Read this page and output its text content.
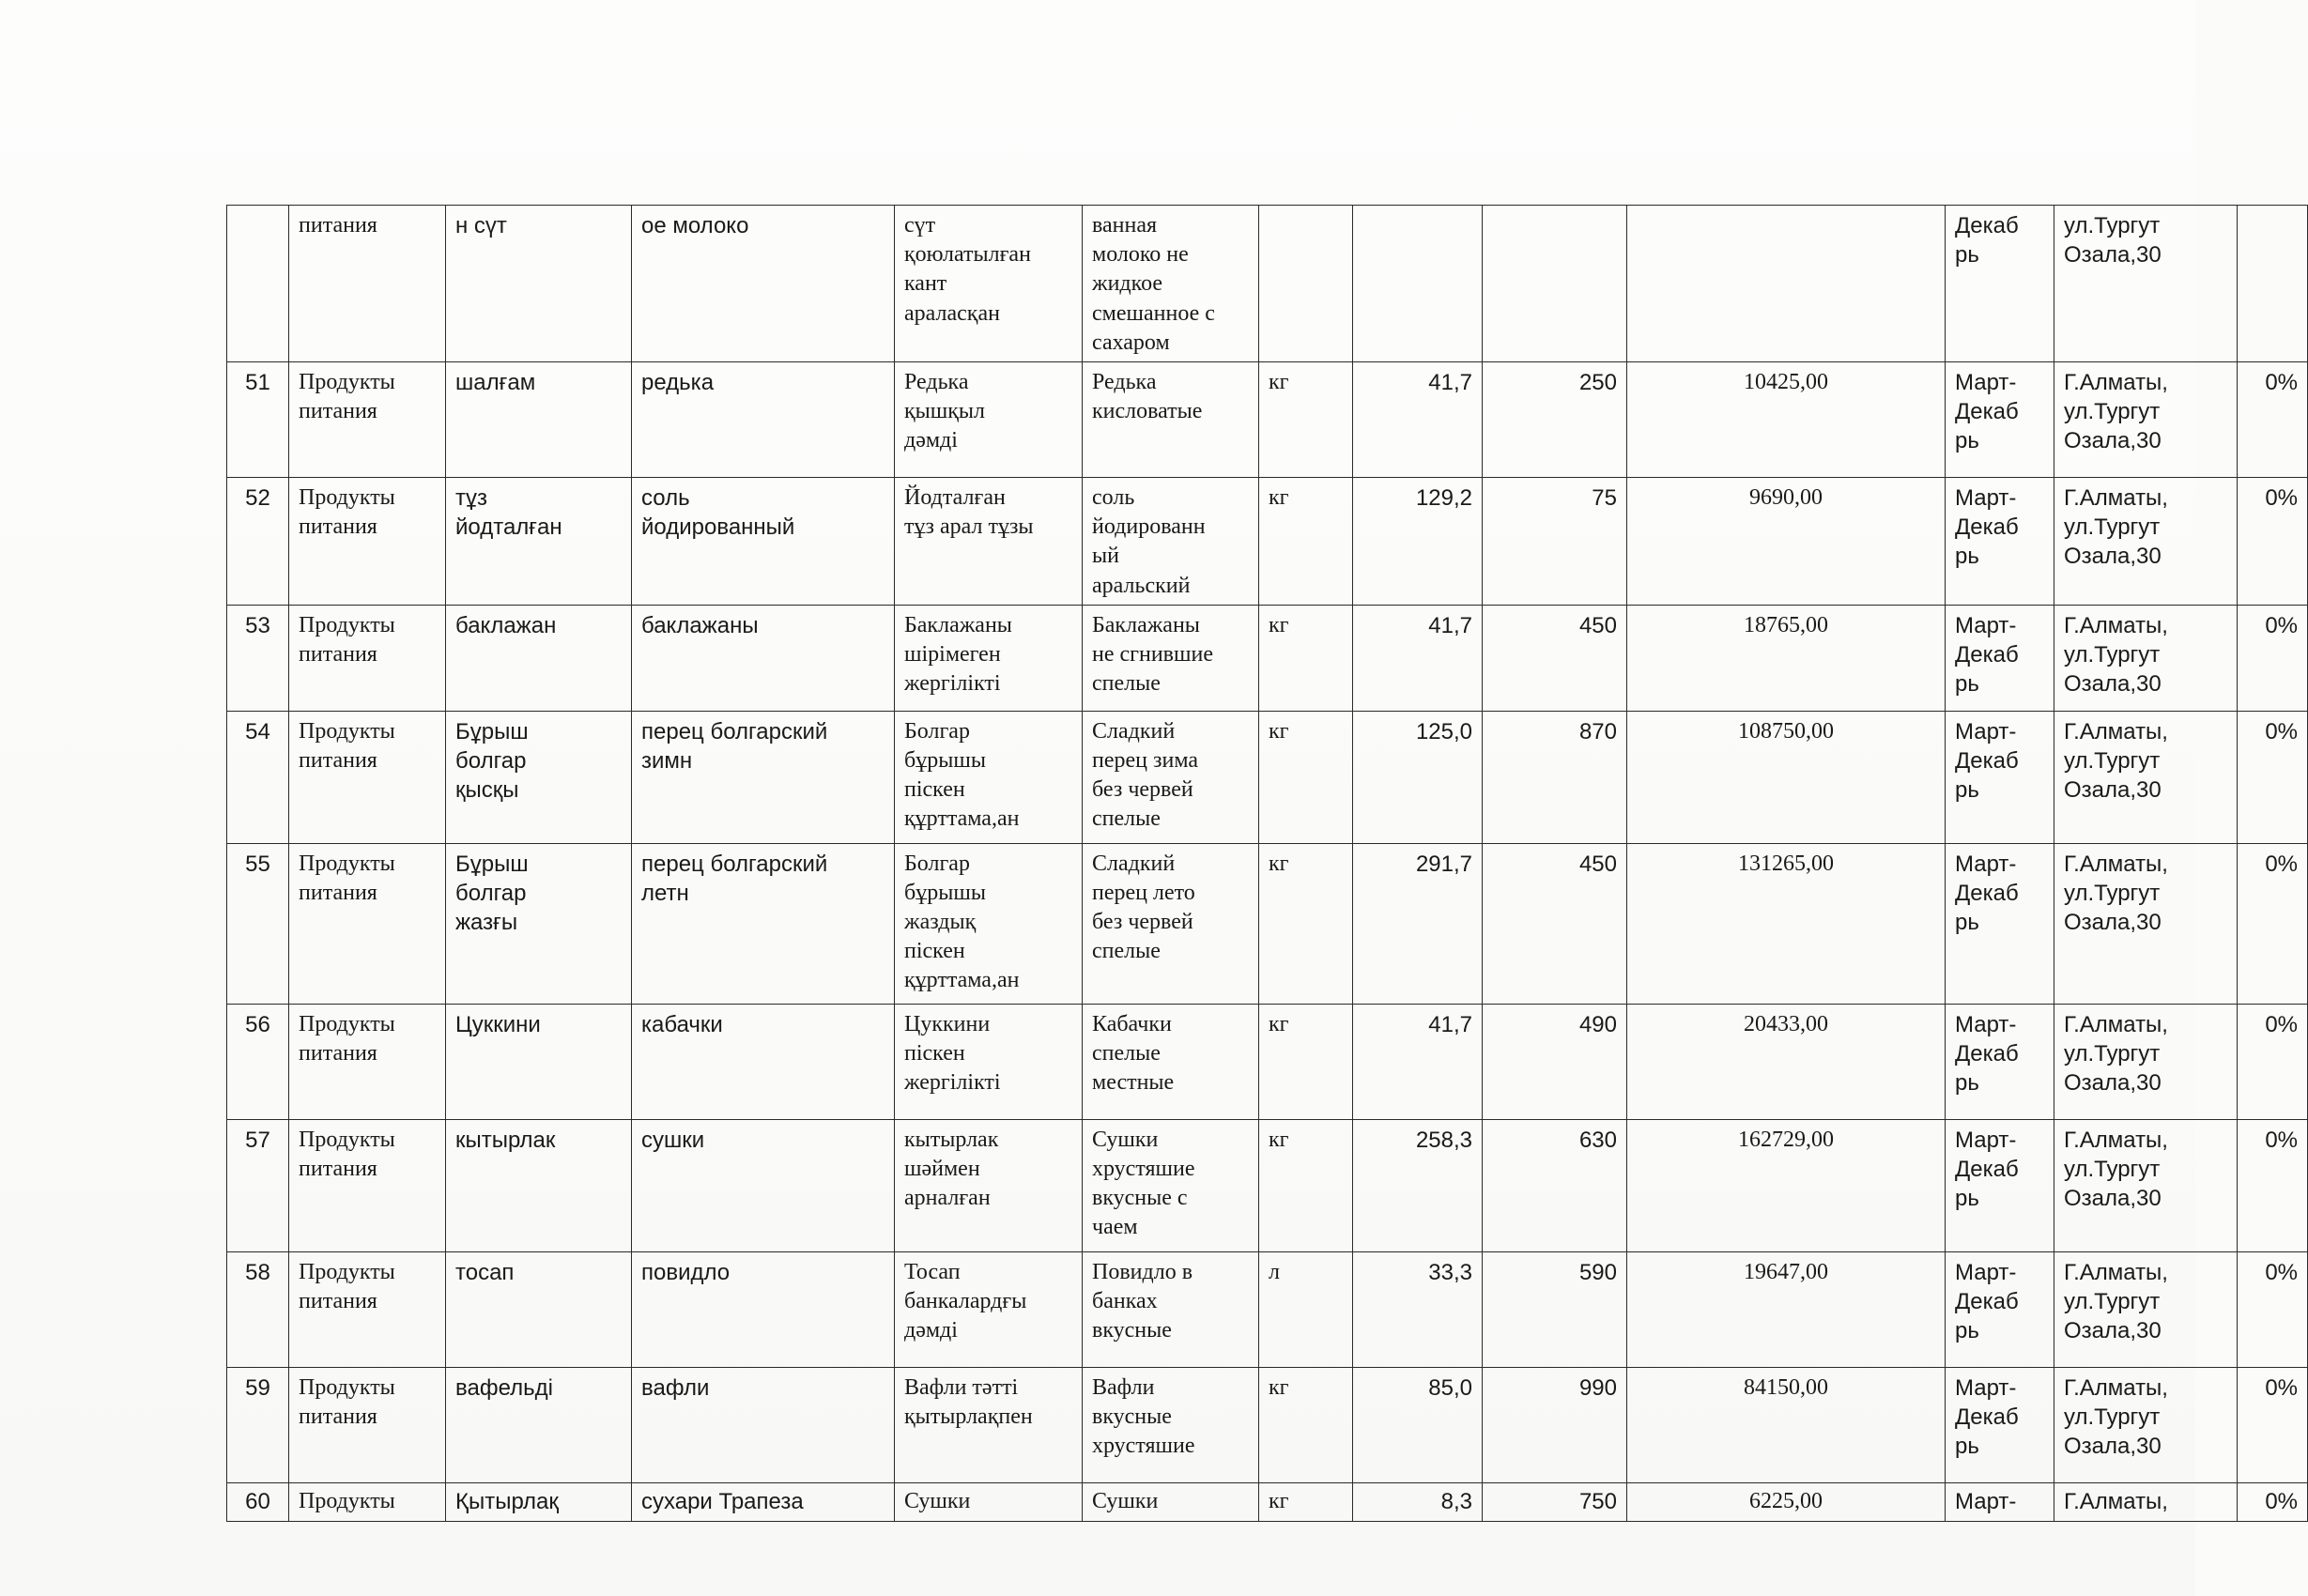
	питания	н сүт	ое молоко	сүт
қоюлатылған
кант
араласқан	ванная
молоко не
жидкое
смешанное с
сахаром					Декаб
рь	ул.Тургут
Озала,30	
51	Продукты
питания	шалғам	редька	Редька
қышқыл
дәмді	Редька
кисловатые	кг	41,7	250	10425,00	Март-
Декаб
рь	Г.Алматы,
ул.Тургут
Озала,30	0%
52	Продукты
питания	тұз
йодталған	соль
йодированный	Йодталған
тұз арал тұзы	соль
йодированн
ый
аральский	кг	129,2	75	9690,00	Март-
Декаб
рь	Г.Алматы,
ул.Тургут
Озала,30	0%
53	Продукты
питания	баклажан	баклажаны	Баклажаны
шірімеген
жергілікті	Баклажаны
не сгнившие
спелые	кг	41,7	450	18765,00	Март-
Декаб
рь	Г.Алматы,
ул.Тургут
Озала,30	0%
54	Продукты
питания	Бұрыш
болгар
қысқы	перец болгарский
зимн	Болгар
бұрышы
піскен
құрттама,ан	Сладкий
перец зима
без червей
спелые	кг	125,0	870	108750,00	Март-
Декаб
рь	Г.Алматы,
ул.Тургут
Озала,30	0%
55	Продукты
питания	Бұрыш
болгар
жазғы	перец болгарский
летн	Болгар
бұрышы
жаздық
піскен
құрттама,ан	Сладкий
перец лето
без червей
спелые	кг	291,7	450	131265,00	Март-
Декаб
рь	Г.Алматы,
ул.Тургут
Озала,30	0%
56	Продукты
питания	Цуккини	кабачки	Цуккини
піскен
жергілікті	Кабачки
спелые
местные	кг	41,7	490	20433,00	Март-
Декаб
рь	Г.Алматы,
ул.Тургут
Озала,30	0%
57	Продукты
питания	кытырлак	сушки	кытырлак
шәймен
арналған	Сушки
хрустяшие
вкусные с
чаем	кг	258,3	630	162729,00	Март-
Декаб
рь	Г.Алматы,
ул.Тургут
Озала,30	0%
58	Продукты
питания	тосап	повидло	Тосап
банкалардғы
дәмді	Повидло в
банках
вкусные	л	33,3	590	19647,00	Март-
Декаб
рь	Г.Алматы,
ул.Тургут
Озала,30	0%
59	Продукты
питания	вафельді	вафли	Вафли тәтті
қытырлақпен	Вафли
вкусные
хрустяшие	кг	85,0	990	84150,00	Март-
Декаб
рь	Г.Алматы,
ул.Тургут
Озала,30	0%
60	Продукты	Қытырлақ	сухари Трапеза	Сушки	Сушки	кг	8,3	750	6225,00	Март-	Г.Алматы,	0%
